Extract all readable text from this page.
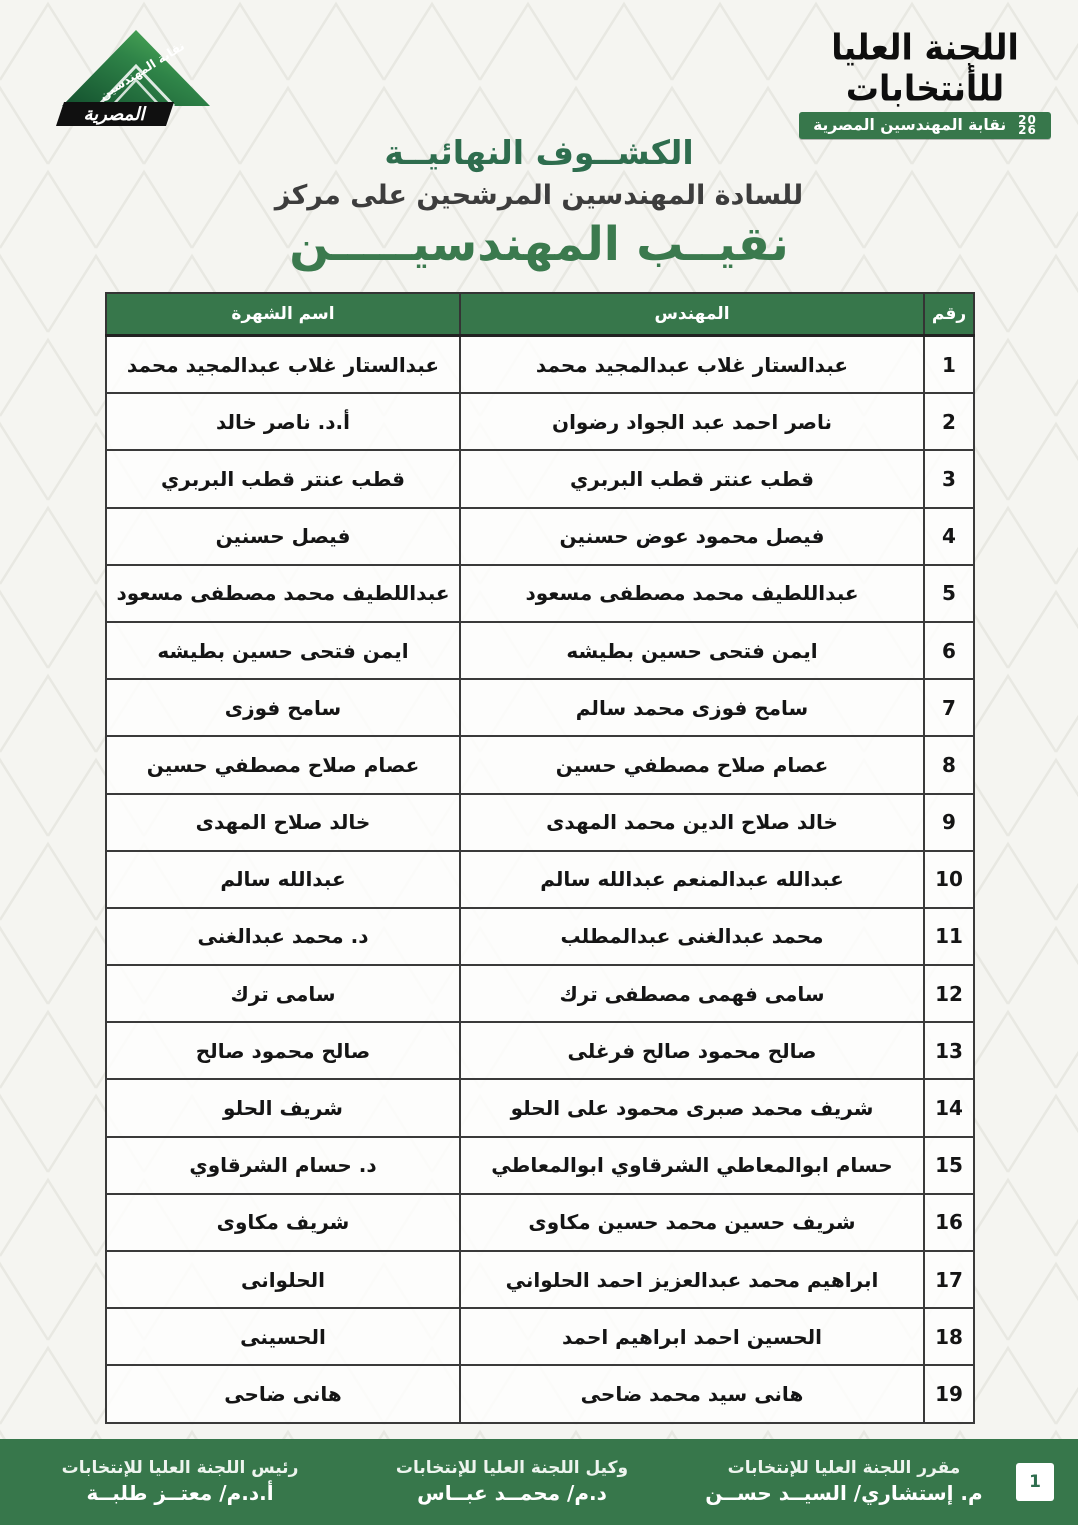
نقابة المهندسين
المصرية
اللجنة العليا للأنتخابات
20
26
نقابة المهندسين المصرية
الكشــوف النهائيــة
للسادة المهندسين المرشحين على مركز
نقيــب المهندسيـــــن
رقم	المهندس	اسم الشهرة
1	عبدالستار غلاب عبدالمجيد محمد	عبدالستار غلاب عبدالمجيد محمد
2	ناصر احمد عبد الجواد رضوان	أ.د. ناصر خالد
3	قطب عنتر قطب البربري	قطب عنتر قطب البربري
4	فيصل محمود عوض حسنين	فيصل حسنين
5	عبداللطيف محمد مصطفى مسعود	عبداللطيف محمد مصطفى مسعود
6	ايمن فتحى حسين بطيشه	ايمن فتحى حسين بطيشه
7	سامح فوزى محمد سالم	سامح فوزى
8	عصام صلاح مصطفي حسين	عصام صلاح مصطفي حسين
9	خالد صلاح الدين محمد المهدى	خالد صلاح المهدى
10	عبدالله عبدالمنعم عبدالله سالم	عبدالله سالم
11	محمد عبدالغنى عبدالمطلب	د. محمد عبدالغنى
12	سامى فهمى مصطفى ترك	سامى ترك
13	صالح محمود صالح فرغلى	صالح محمود صالح
14	شريف محمد صبرى محمود على الحلو	شريف الحلو
15	حسام ابوالمعاطي الشرقاوي ابوالمعاطي	د. حسام الشرقاوي
16	شريف حسين محمد حسين مكاوى	شريف مكاوى
17	ابراهيم محمد عبدالعزيز احمد الحلواني	الحلوانى
18	الحسين احمد ابراهيم احمد	الحسينى
19	هانى سيد محمد ضاحى	هانى ضاحى
1
مقرر اللجنة العليا للإنتخابات
م. إستشاري/ السيــد حســن
وكيل اللجنة العليا للإنتخابات
د.م/ محمــد عبــاس
رئيس اللجنة العليا للإنتخابات
أ.د.م/ معتــز طلبــة
